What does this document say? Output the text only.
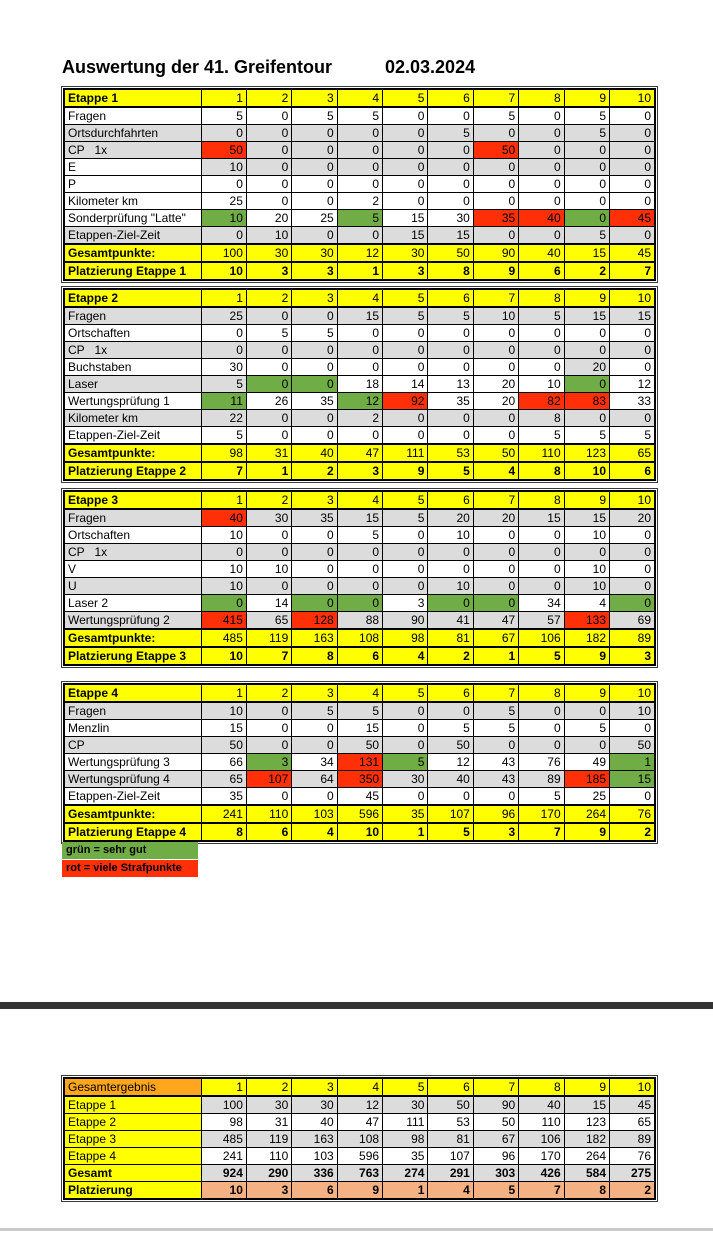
Auswertung der 41. Greifentour	02.03.2024
Etappe 1	1	2	3	4	5	6	7	8	9	10
Fragen	5	0	5	5	0	0	5	0	5	0
Ortsdurchfahrten	0	0	0	0	0	5	0	0	5	0
CP   1x	50	0	0	0	0	0	50	0	0	0
E	10	0	0	0	0	0	0	0	0	0
P	0	0	0	0	0	0	0	0	0	0
Kilometer km	25	0	0	2	0	0	0	0	0	0
Sonderprüfung "Latte"	10	20	25	5	15	30	35	40	0	45
Etappen-Ziel-Zeit	0	10	0	0	15	15	0	0	5	0
Gesamtpunkte:	100	30	30	12	30	50	90	40	15	45
Platzierung Etappe 1	10	3	3	1	3	8	9	6	2	7
Etappe 2	1	2	3	4	5	6	7	8	9	10
Fragen	25	0	0	15	5	5	10	5	15	15
Ortschaften	0	5	5	0	0	0	0	0	0	0
CP   1x	0	0	0	0	0	0	0	0	0	0
Buchstaben	30	0	0	0	0	0	0	0	20	0
Laser	5	0	0	18	14	13	20	10	0	12
Wertungsprüfung 1	11	26	35	12	92	35	20	82	83	33
Kilometer km	22	0	0	2	0	0	0	8	0	0
Etappen-Ziel-Zeit	5	0	0	0	0	0	0	5	5	5
Gesamtpunkte:	98	31	40	47	111	53	50	110	123	65
Platzierung Etappe 2	7	1	2	3	9	5	4	8	10	6
Etappe 3	1	2	3	4	5	6	7	8	9	10
Fragen	40	30	35	15	5	20	20	15	15	20
Ortschaften	10	0	0	5	0	10	0	0	10	0
CP   1x	0	0	0	0	0	0	0	0	0	0
V	10	10	0	0	0	0	0	0	10	0
U	10	0	0	0	0	10	0	0	10	0
Laser 2	0	14	0	0	3	0	0	34	4	0
Wertungsprüfung 2	415	65	128	88	90	41	47	57	133	69
Gesamtpunkte:	485	119	163	108	98	81	67	106	182	89
Platzierung Etappe 3	10	7	8	6	4	2	1	5	9	3
Etappe 4	1	2	3	4	5	6	7	8	9	10
Fragen	10	0	5	5	0	0	5	0	0	10
Menzlin	15	0	0	15	0	5	5	0	5	0
CP	50	0	0	50	0	50	0	0	0	50
Wertungsprüfung 3	66	3	34	131	5	12	43	76	49	1
Wertungsprüfung 4	65	107	64	350	30	40	43	89	185	15
Etappen-Ziel-Zeit	35	0	0	45	0	0	0	5	25	0
Gesamtpunkte:	241	110	103	596	35	107	96	170	264	76
Platzierung Etappe 4	8	6	4	10	1	5	3	7	9	2
grün = sehr gut
rot = viele Strafpunkte
Gesamtergebnis	1	2	3	4	5	6	7	8	9	10
Etappe 1	100	30	30	12	30	50	90	40	15	45
Etappe 2	98	31	40	47	111	53	50	110	123	65
Etappe 3	485	119	163	108	98	81	67	106	182	89
Etappe 4	241	110	103	596	35	107	96	170	264	76
Gesamt	924	290	336	763	274	291	303	426	584	275
Platzierung	10	3	6	9	1	4	5	7	8	2
